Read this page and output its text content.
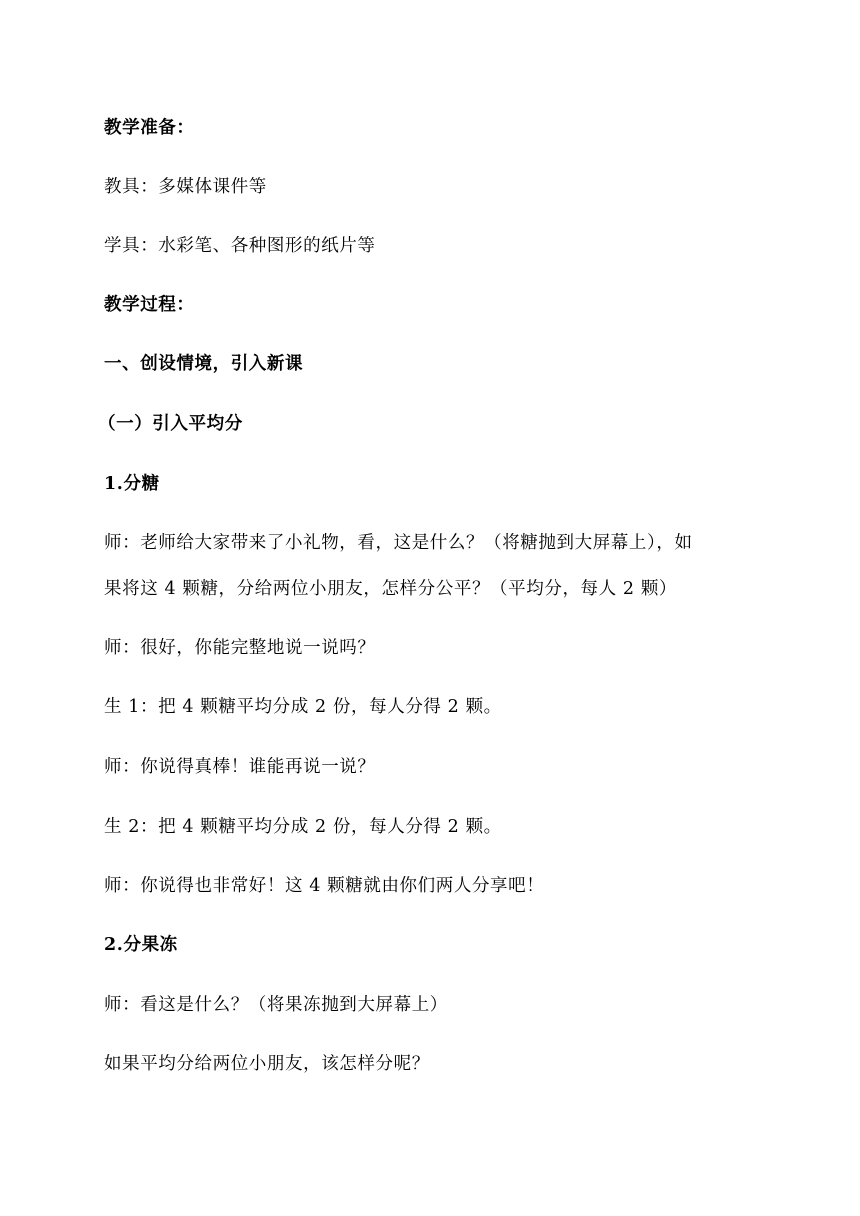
教学准备：
教具：多媒体课件等
学具：水彩笔、各种图形的纸片等
教学过程：
一、创设情境，引入新课
（一）引入平均分
1.分糖
师：老师给大家带来了小礼物，看，这是什么？（将糖抛到大屏幕上），如
果将这 4 颗糖，分给两位小朋友，怎样分公平？（平均分，每人 2 颗）
师：很好，你能完整地说一说吗？
生 1：把 4 颗糖平均分成 2 份，每人分得 2 颗。
师：你说得真棒！谁能再说一说？
生 2：把 4 颗糖平均分成 2 份，每人分得 2 颗。
师：你说得也非常好！这 4 颗糖就由你们两人分享吧！
2.分果冻
师：看这是什么？（将果冻抛到大屏幕上）
如果平均分给两位小朋友，该怎样分呢？
